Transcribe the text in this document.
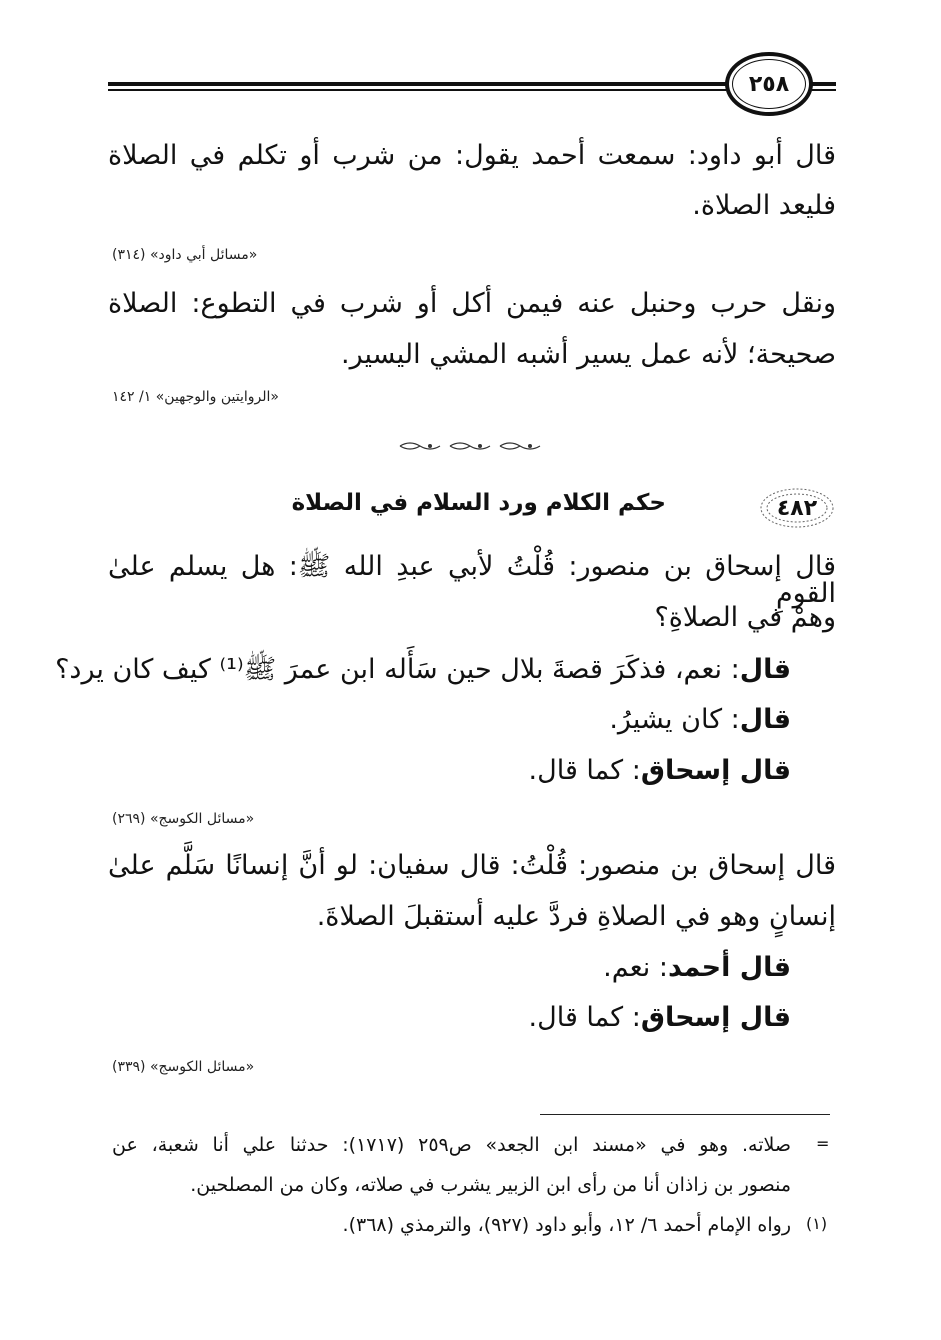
٢٥٨
قال أبو داود: سمعت أحمد يقول: من شرب أو تكلم في الصلاة
فليعد الصلاة.
«مسائل أبي داود» (٣١٤)
ونقل حرب وحنبل عنه فيمن أكل أو شرب في التطوع: الصلاة
صحيحة؛ لأنه عمل يسير أشبه المشي اليسير.
«الروايتين والوجهين» ١/ ١٤٢
٤٨٢
حكم الكلام ورد السلام في الصلاة
قال إسحاق بن منصور: قُلْتُ لأبي عبدِ الله ﷺ: هل يسلم علىٰ القومِ
وهمْ في الصلاةِ؟
قال: نعم، فذكَرَ قصةَ بلال حين سَأَله ابن عمرَ ﷺ⁽¹⁾ كيف كان يرد؟
قال: كان يشيرُ.
قال إسحاق: كما قال.
«مسائل الكوسج» (٢٦٩)
قال إسحاق بن منصور: قُلْتُ: قال سفيان: لو أنَّ إنسانًا سَلَّم علىٰ
إنسانٍ وهو في الصلاةِ فردَّ عليه أستقبلَ الصلاةَ.
قال أحمد: نعم.
قال إسحاق: كما قال.
«مسائل الكوسج» (٣٣٩)
=
صلاته. وهو في «مسند ابن الجعد» ص٢٥٩ (١٧١٧): حدثنا علي أنا شعبة، عن
منصور بن زاذان أنا من رأى ابن الزبير يشرب في صلاته، وكان من المصلحين.
(١)
رواه الإمام أحمد ٦/ ١٢، وأبو داود (٩٢٧)، والترمذي (٣٦٨).
